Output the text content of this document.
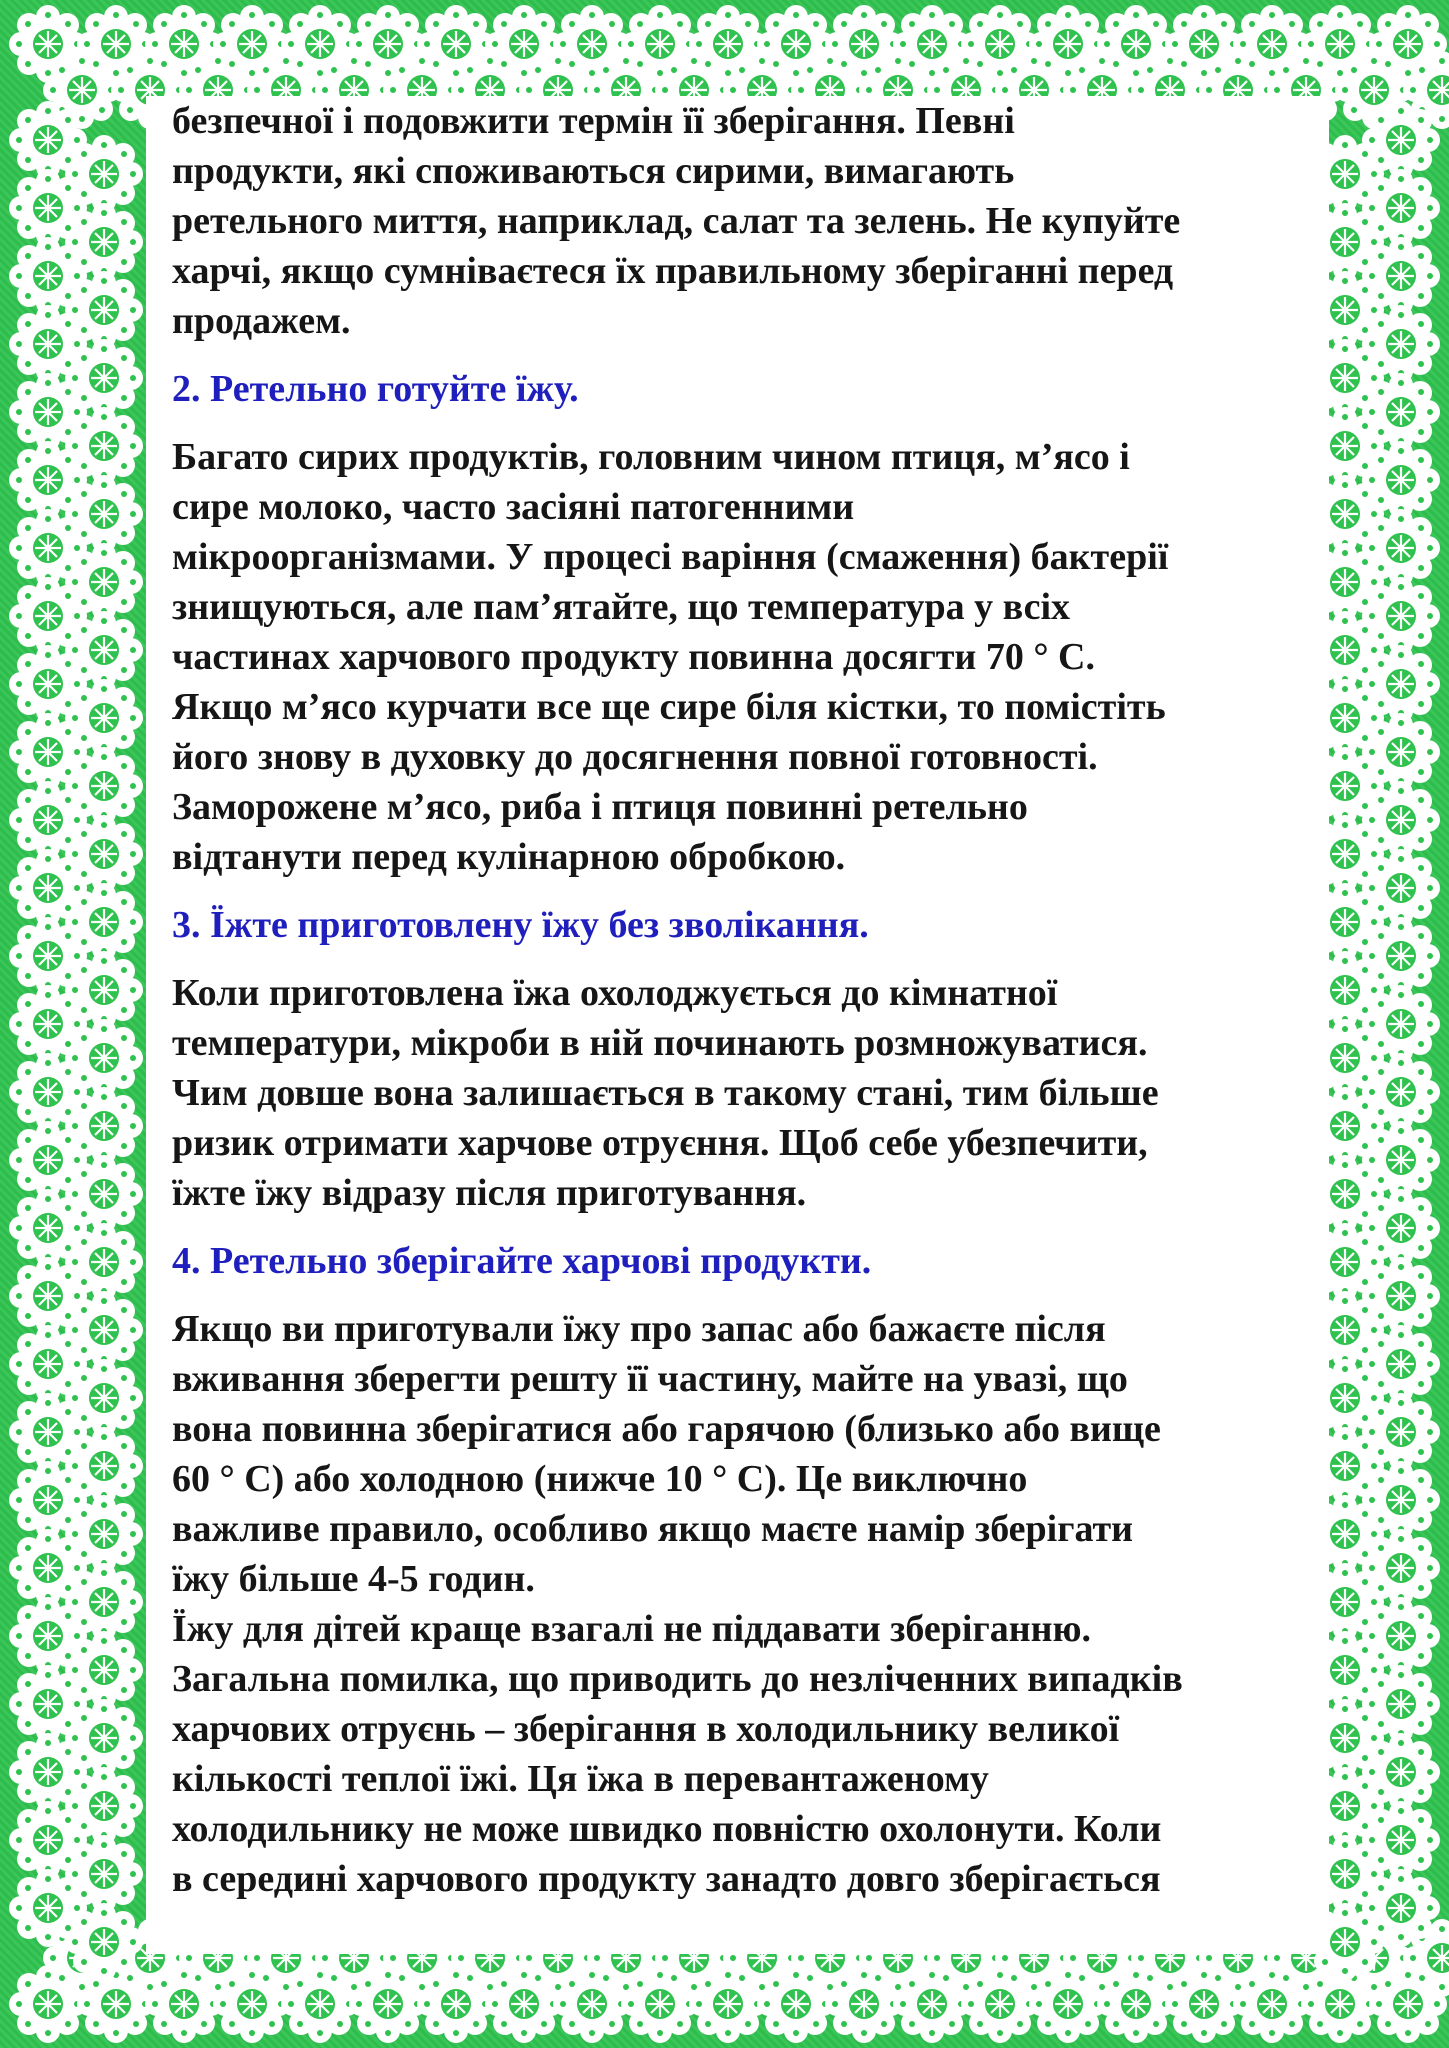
безпечної і подовжити термін її зберігання. Певні
продукти, які споживаються сирими, вимагають
ретельного миття, наприклад, салат та зелень. Не купуйте
харчі, якщо сумніваєтеся їх правильному зберіганні перед
продажем.
2. Ретельно готуйте їжу.
Багато сирих продуктів, головним чином птиця, м’ясо і
сире молоко, часто засіяні патогенними
мікроорганізмами. У процесі варіння (смаження) бактерії
знищуються, але пам’ятайте, що температура у всіх
частинах харчового продукту повинна досягти 70 ° С.
Якщо м’ясо курчати все ще сире біля кістки, то помістіть
його знову в духовку до досягнення повної готовності.
Заморожене м’ясо, риба і птиця повинні ретельно
відтанути перед кулінарною обробкою.
3. Їжте приготовлену їжу без зволікання.
Коли приготовлена їжа охолоджується до кімнатної
температури, мікроби в ній починають розмножуватися.
Чим довше вона залишається в такому стані, тим більше
ризик отримати харчове отруєння. Щоб себе убезпечити,
їжте їжу відразу після приготування.
4. Ретельно зберігайте харчові продукти.
Якщо ви приготували їжу про запас або бажаєте після
вживання зберегти решту її частину, майте на увазі, що
вона повинна зберігатися або гарячою (близько або вище
60 ° С) або холодною (нижче 10 ° С). Це виключно
важливе правило, особливо якщо маєте намір зберігати
їжу більше 4-5 годин.
Їжу для дітей краще взагалі не піддавати зберіганню.
Загальна помилка, що приводить до незліченних випадків
харчових отруєнь – зберігання в холодильнику великої
кількості теплої їжі. Ця їжа в перевантаженому
холодильнику не може швидко повністю охолонути. Коли
в середині харчового продукту занадто довго зберігається
